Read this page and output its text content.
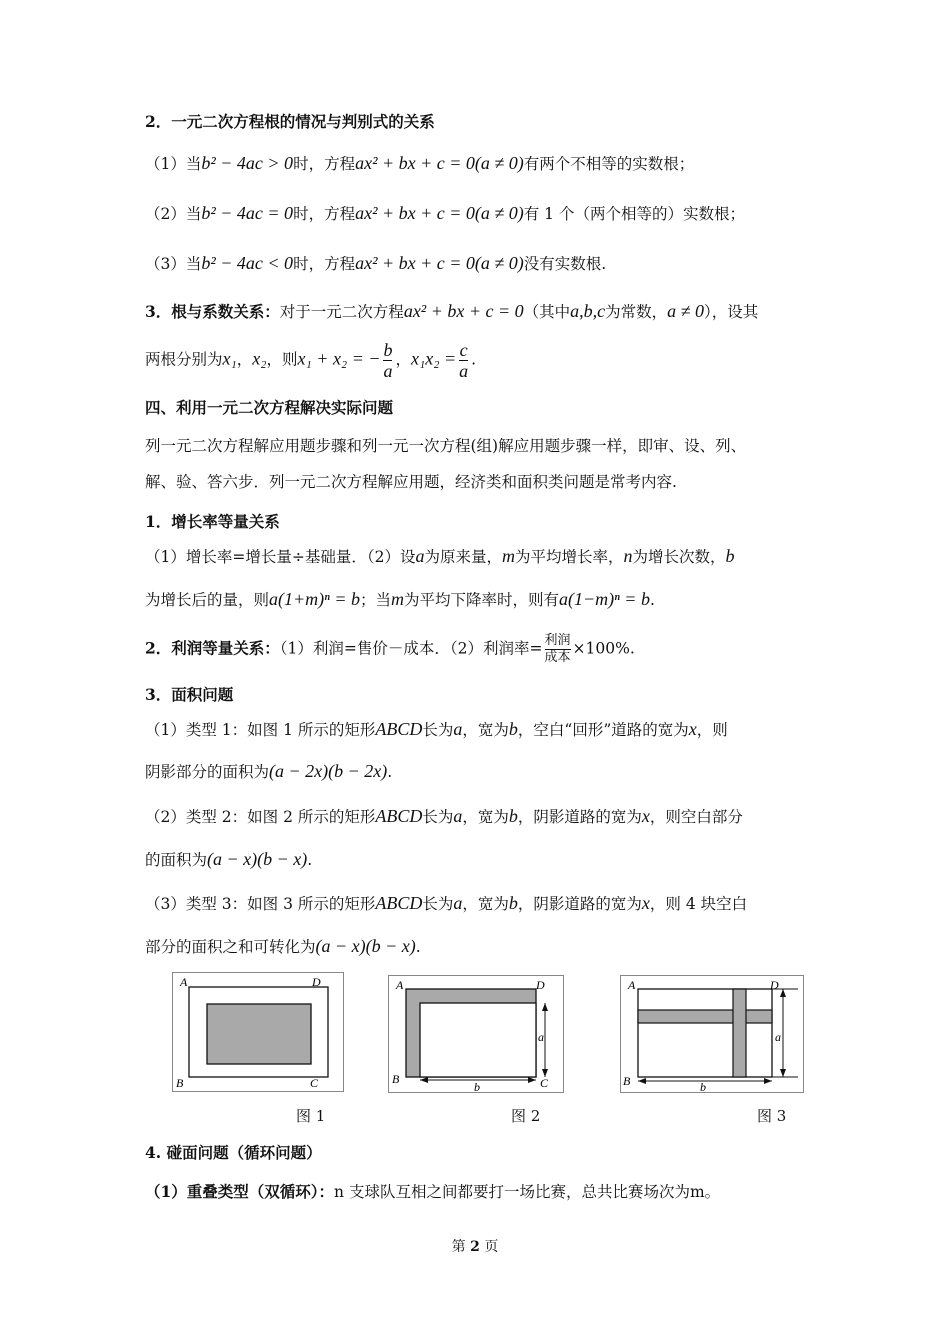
2．一元二次方程根的情况与判别式的关系
（1）当b² − 4ac > 0时，方程ax² + bx + c = 0(a ≠ 0)有两个不相等的实数根；
（2）当b² − 4ac = 0时，方程ax² + bx + c = 0(a ≠ 0)有 1 个（两个相等的）实数根；
（3）当b² − 4ac < 0时，方程ax² + bx + c = 0(a ≠ 0)没有实数根.
3．根与系数关系：对于一元二次方程ax² + bx + c = 0（其中a,b,c为常数，a ≠ 0），设其
两根分别为x₁，x₂，则x₁ + x₂ = − $\frac{b}{a}$ ，$x_1x_2 = \frac{c}{a}$ .
四、利用一元二次方程解决实际问题
列一元二次方程解应用题步骤和列一元一次方程(组)解应用题步骤一样，即审、设、列、
解、验、答六步．列一元二次方程解应用题，经济类和面积类问题是常考内容.
1．增长率等量关系
（1）增长率=增长量÷基础量．（2）设a为原来量，m为平均增长率，n为增长次数，b
为增长后的量，则a(1+m)ⁿ = b；当m为平均下降率时，则有a(1−m)ⁿ = b.
2．利润等量关系：（1）利润=售价－成本．（2）利润率= 利润
成本 ×100%.
3．面积问题
（1）类型 1：如图 1 所示的矩形ABCD长为a，宽为b，空白“回形”道路的宽为x，则
阴影部分的面积为(a − 2x)(b − 2x).
（2）类型 2：如图 2 所示的矩形ABCD长为a，宽为b，阴影道路的宽为x，则空白部分
的面积为(a − x)(b − x).
（3）类型 3：如图 3 所示的矩形ABCD长为a，宽为b，阴影道路的宽为x，则 4 块空白
部分的面积之和可转化为(a − x)(b − x).
A	D
B	C
A	D
B	C
a
b
A	D
B
a
b
图 1	图 2	图 3
4. 碰面问题（循环问题）
（1）重叠类型（双循环）：n 支球队互相之间都要打一场比赛，总共比赛场次为m。
第 2 页
